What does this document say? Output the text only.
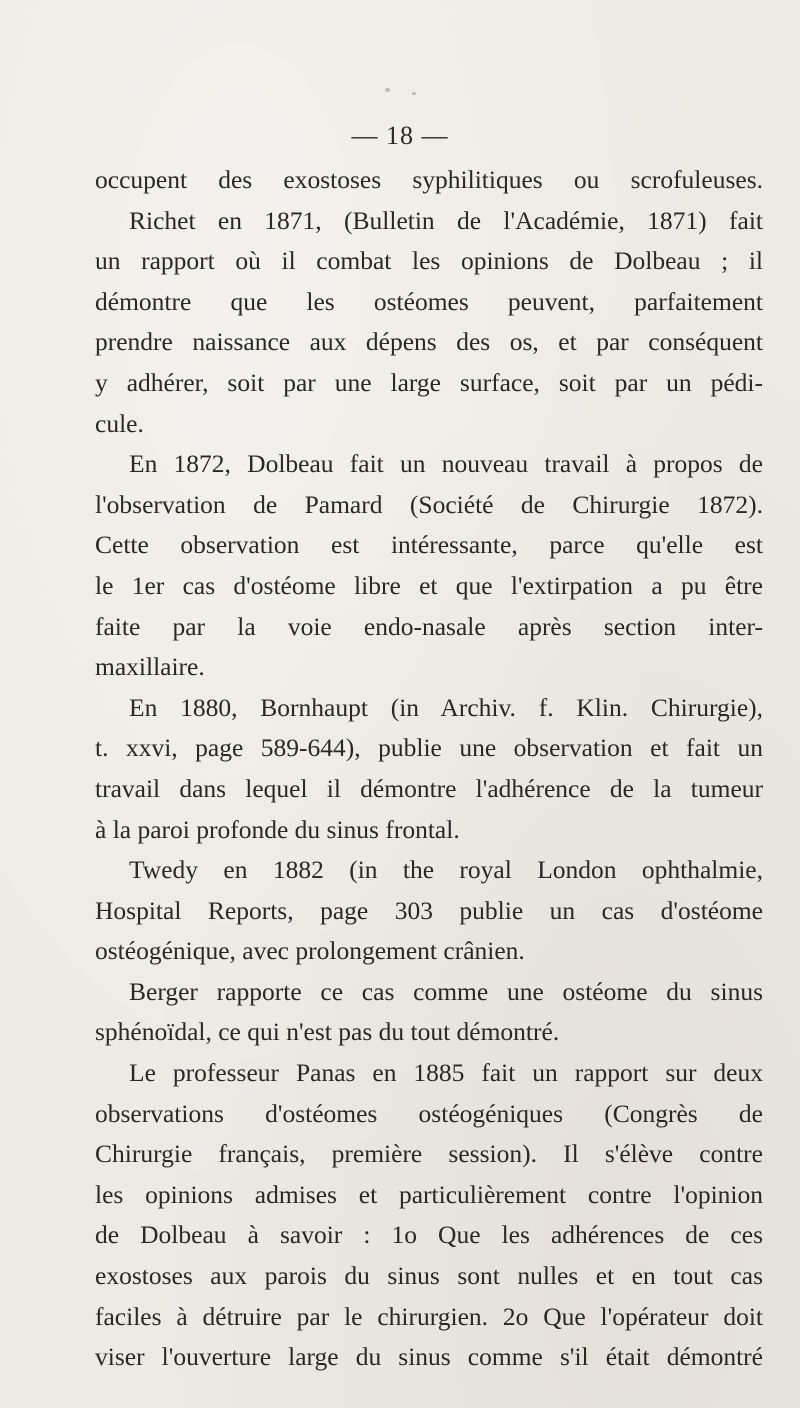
— 18 —
occupent des exostoses syphilitiques ou scrofuleuses.
Richet en 1871, (Bulletin de l'Académie, 1871) fait
un rapport où il combat les opinions de Dolbeau ; il
démontre que les ostéomes peuvent, parfaitement
prendre naissance aux dépens des os, et par conséquent
y adhérer, soit par une large surface, soit par un pédi-
cule.
En 1872, Dolbeau fait un nouveau travail à propos de
l'observation de Pamard (Société de Chirurgie 1872).
Cette observation est intéressante, parce qu'elle est
le 1er cas d'ostéome libre et que l'extirpation a pu être
faite par la voie endo-nasale après section inter-
maxillaire.
En 1880, Bornhaupt (in Archiv. f. Klin. Chirurgie),
t. xxvi, page 589-644), publie une observation et fait un
travail dans lequel il démontre l'adhérence de la tumeur
à la paroi profonde du sinus frontal.
Twedy en 1882 (in the royal London ophthalmie,
Hospital Reports, page 303 publie un cas d'ostéome
ostéogénique, avec prolongement crânien.
Berger rapporte ce cas comme une ostéome du sinus
sphénoïdal, ce qui n'est pas du tout démontré.
Le professeur Panas en 1885 fait un rapport sur deux
observations d'ostéomes ostéogéniques (Congrès de
Chirurgie français, première session). Il s'élève contre
les opinions admises et particulièrement contre l'opinion
de Dolbeau à savoir : 1o Que les adhérences de ces
exostoses aux parois du sinus sont nulles et en tout cas
faciles à détruire par le chirurgien. 2o Que l'opérateur doit
viser l'ouverture large du sinus comme s'il était démontré
